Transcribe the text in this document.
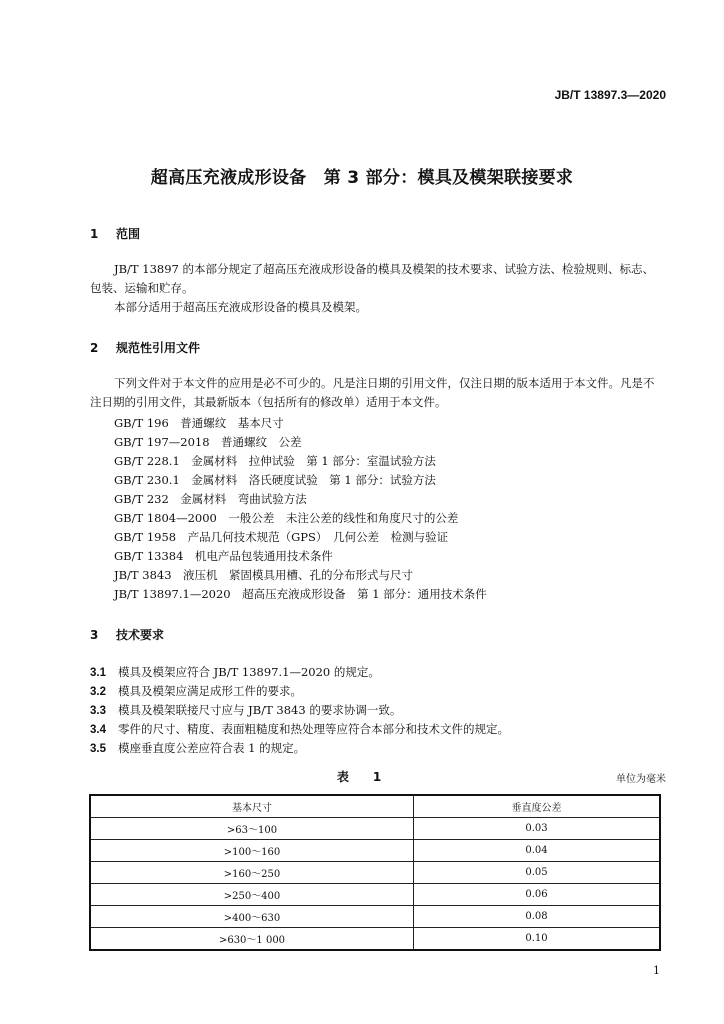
JB/T 13897.3—2020
超高压充液成形设备　第 3 部分：模具及模架联接要求
1 范围
JB/T 13897 的本部分规定了超高压充液成形设备的模具及模架的技术要求、试验方法、检验规则、标志、包装、运输和贮存。
本部分适用于超高压充液成形设备的模具及模架。
2 规范性引用文件
下列文件对于本文件的应用是必不可少的。凡是注日期的引用文件，仅注日期的版本适用于本文件。凡是不注日期的引用文件，其最新版本（包括所有的修改单）适用于本文件。
GB/T 196　普通螺纹　基本尺寸
GB/T 197—2018　普通螺纹　公差
GB/T 228.1　金属材料　拉伸试验　第 1 部分：室温试验方法
GB/T 230.1　金属材料　洛氏硬度试验　第 1 部分：试验方法
GB/T 232　金属材料　弯曲试验方法
GB/T 1804—2000　一般公差　未注公差的线性和角度尺寸的公差
GB/T 1958　产品几何技术规范（GPS）　几何公差　检测与验证
GB/T 13384　机电产品包装通用技术条件
JB/T 3843　液压机　紧固模具用槽、孔的分布形式与尺寸
JB/T 13897.1—2020　超高压充液成形设备　第 1 部分：通用技术条件
3 技术要求
3.1 模具及模架应符合 JB/T 13897.1—2020 的规定。
3.2 模具及模架应满足成形工件的要求。
3.3 模具及模架联接尺寸应与 JB/T 3843 的要求协调一致。
3.4 零件的尺寸、精度、表面粗糙度和热处理等应符合本部分和技术文件的规定。
3.5 模座垂直度公差应符合表 1 的规定。
表　1	单位为毫米
基本尺寸	垂直度公差
>63～100	0.03
>100～160	0.04
>160～250	0.05
>250～400	0.06
>400～630	0.08
>630～1 000	0.10
1
